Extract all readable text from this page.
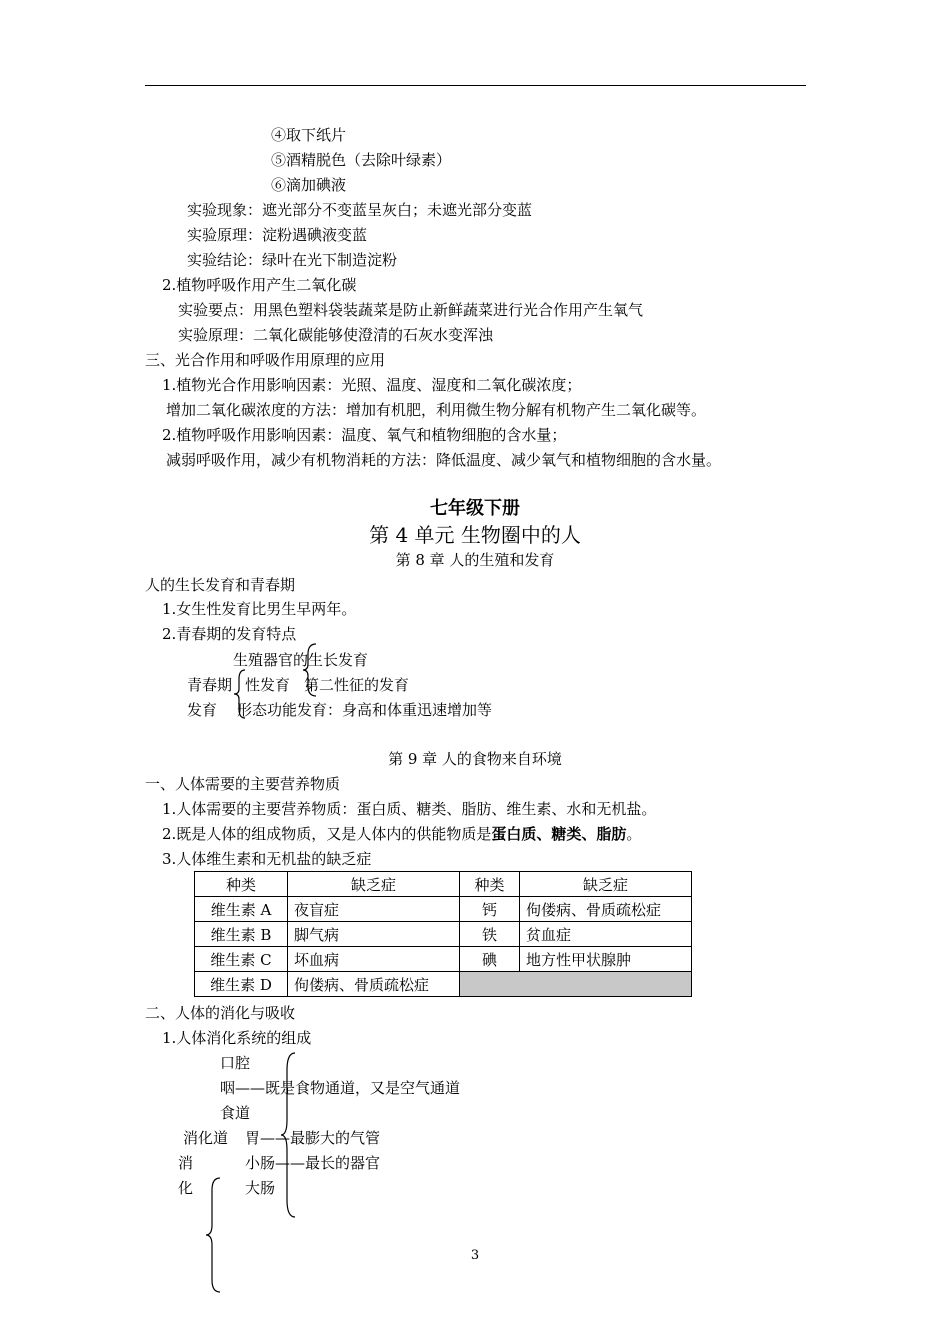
④取下纸片
⑤酒精脱色（去除叶绿素）
⑥滴加碘液
实验现象：遮光部分不变蓝呈灰白；未遮光部分变蓝
实验原理：淀粉遇碘液变蓝
实验结论：绿叶在光下制造淀粉
2.植物呼吸作用产生二氧化碳
实验要点：用黑色塑料袋装蔬菜是防止新鲜蔬菜进行光合作用产生氧气
实验原理：二氧化碳能够使澄清的石灰水变浑浊
三、光合作用和呼吸作用原理的应用
1.植物光合作用影响因素：光照、温度、湿度和二氧化碳浓度；
增加二氧化碳浓度的方法：增加有机肥，利用微生物分解有机物产生二氧化碳等。
2.植物呼吸作用影响因素：温度、氧气和植物细胞的含水量；
减弱呼吸作用，减少有机物消耗的方法：降低温度、减少氧气和植物细胞的含水量。
七年级下册
第 4 单元 生物圈中的人
第 8 章 人的生殖和发育
人的生长发育和青春期
1.女生性发育比男生早两年。
2.青春期的发育特点
生殖器官的生长发育
青春期 性发育 第二性征的发育
发育 形态功能发育：身高和体重迅速增加等
第 9 章 人的食物来自环境
一、人体需要的主要营养物质
1.人体需要的主要营养物质：蛋白质、糖类、脂肪、维生素、水和无机盐。
2.既是人体的组成物质，又是人体内的供能物质是蛋白质、糖类、脂肪。
3.人体维生素和无机盐的缺乏症
种类	缺乏症	种类	缺乏症
维生素 A	夜盲症	钙	佝偻病、骨质疏松症
维生素 B	脚气病	铁	贫血症
维生素 C	坏血病	碘	地方性甲状腺肿
维生素 D	佝偻病、骨质疏松症		
二、人体的消化与吸收
1.人体消化系统的组成
口腔
咽——既是食物通道，又是空气通道
食道
消化道 胃——最膨大的气管
消	小肠——最长的器官
化	大肠
3
